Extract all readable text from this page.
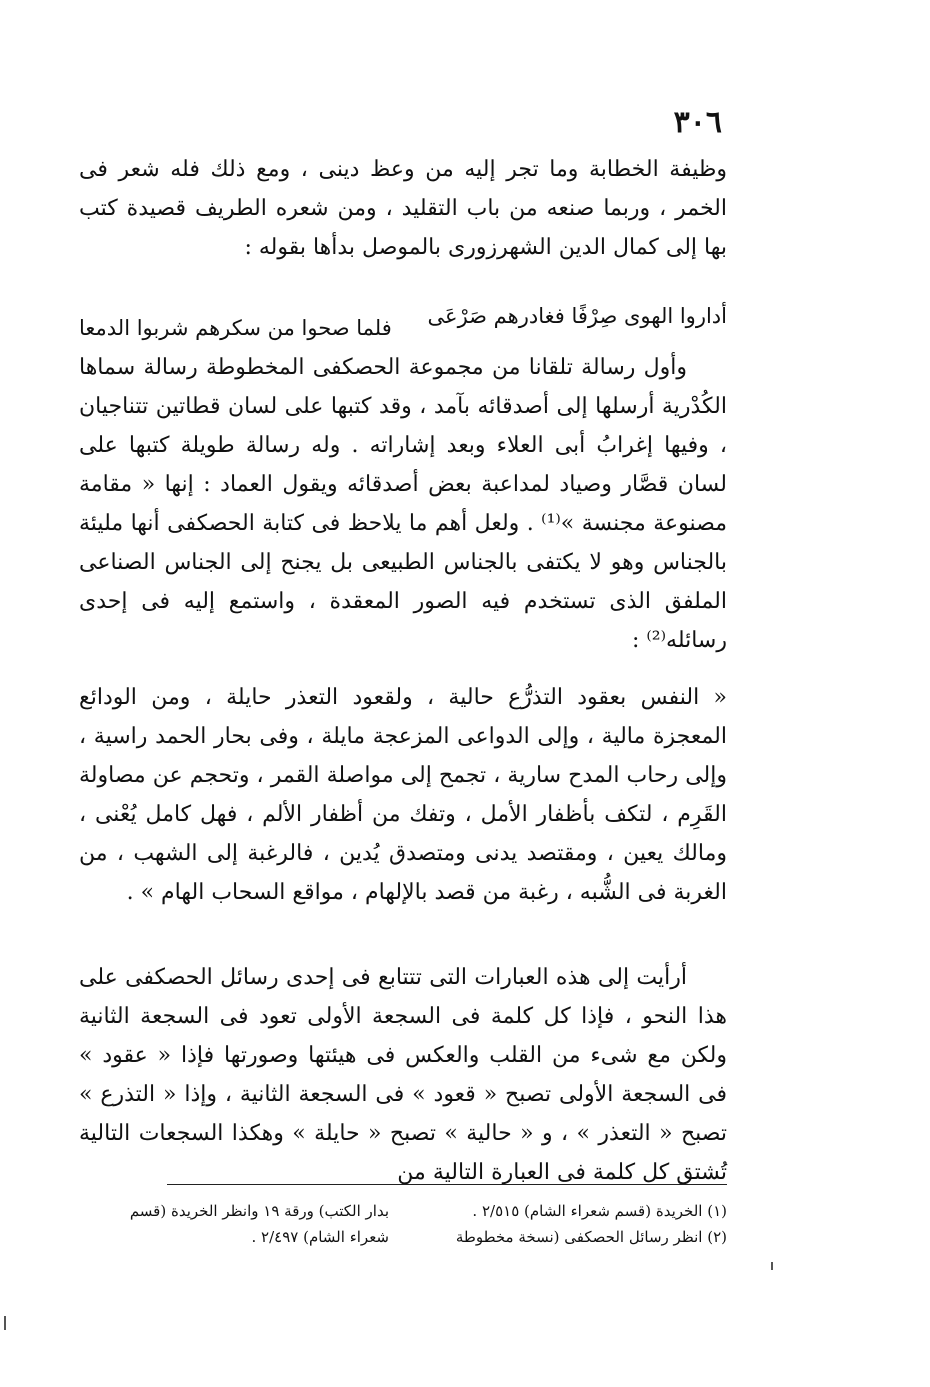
٣٠٦

وظيفة الخطابة وما تجر إليه من وعظ دينى ، ومع ذلك فله شعر فى الخمر ، وربما صنعه من باب التقليد ، ومن شعره الطريف قصيدة كتب بها إلى كمال الدين الشهرزورى بالموصل بدأها بقوله :

أداروا الهوى صِرْفًا فغادرهم صَرْعَى
فلما صحوا من سكرهم شربوا الدمعا

وأول رسالة تلقانا من مجموعة الحصكفى المخطوطة رسالة سماها الكُدْرية أرسلها إلى أصدقائه بآمد ، وقد كتبها على لسان قطاتين تتناجيان ، وفيها إغرابُ أبى العلاء وبعد إشاراته . وله رسالة طويلة كتبها على لسان قصَّار وصياد لمداعبة بعض أصدقائه ويقول العماد : إنها « مقامة مصنوعة مجنسة »⁽¹⁾ . ولعل أهم ما يلاحظ فى كتابة الحصكفى أنها مليئة بالجناس وهو لا يكتفى بالجناس الطبيعى بل يجنح إلى الجناس الصناعى الملفق الذى تستخدم فيه الصور المعقدة ، واستمع إليه فى إحدى رسائله⁽²⁾ :

« النفس بعقود التذرُّع حالية ، ولقعود التعذر حايلة ، ومن الودائع المعجزة مالية ، وإلى الدواعى المزعجة مايلة ، وفى بحار الحمد راسية ، وإلى رحاب المدح سارية ، تجمح إلى مواصلة القمر ، وتحجم عن مصاولة القَرِم ، لتكف بأظفار الأمل ، وتفك من أظفار الألم ، فهل كامل يُعْنى ، ومالك يعين ، ومقتصد يدنى ومتصدق يُدين ، فالرغبة إلى الشهب ، من الغربة فى الشُّبه ، رغبة من قصد بالإلهام ، مواقع السحاب الهام » .

أرأيت إلى هذه العبارات التى تتتابع فى إحدى رسائل الحصكفى على هذا النحو ، فإذا كل كلمة فى السجعة الأولى تعود فى السجعة الثانية ولكن مع شىء من القلب والعكس فى هيئتها وصورتها فإذا « عقود » فى السجعة الأولى تصبح « قعود » فى السجعة الثانية ، وإذا « التذرع » تصبح « التعذر » ، و « حالية » تصبح « حايلة » وهكذا السجعات التالية تُشتق كل كلمة فى العبارة التالية من

(١) الخريدة (قسم شعراء الشام) ٢/٥١٥ .
(٢) انظر رسائل الحصكفى (نسخة مخطوطة
بدار الكتب) ورقة ١٩ وانظر الخريدة (قسم
شعراء الشام) ٢/٤٩٧ .
